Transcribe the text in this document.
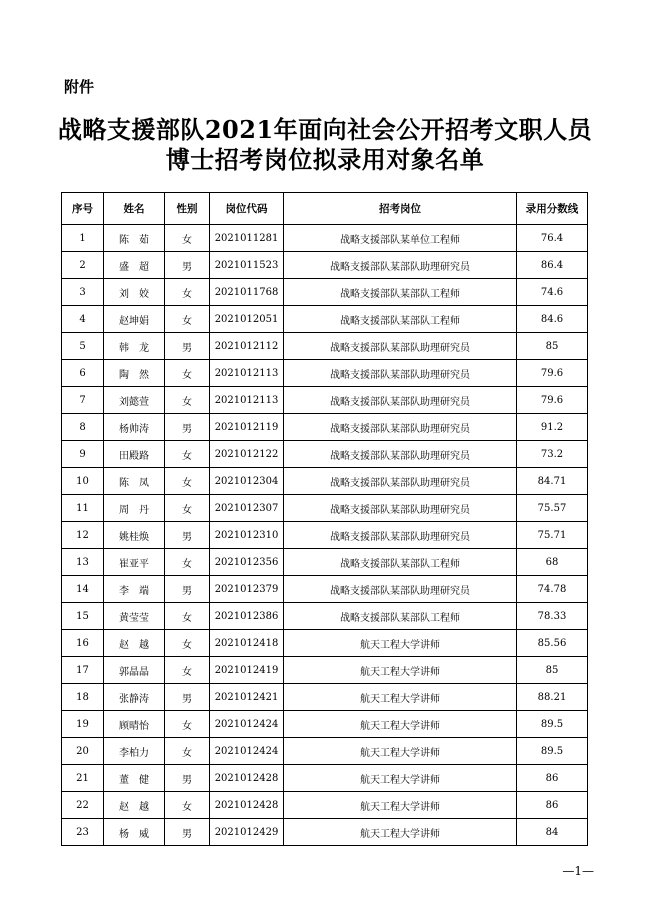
附件
战略支援部队2021年面向社会公开招考文职人员
博士招考岗位拟录用对象名单
序号	姓名	性别	岗位代码	招考岗位	录用分数线
1	陈　茹	女	2021011281	战略支援部队某单位工程师	76.4
2	盛　超	男	2021011523	战略支援部队某部队助理研究员	86.4
3	刘　姣	女	2021011768	战略支援部队某部队工程师	74.6
4	赵坤娟	女	2021012051	战略支援部队某部队工程师	84.6
5	韩　龙	男	2021012112	战略支援部队某部队助理研究员	85
6	陶　然	女	2021012113	战略支援部队某部队助理研究员	79.6
7	刘懿萱	女	2021012113	战略支援部队某部队助理研究员	79.6
8	杨帅涛	男	2021012119	战略支援部队某部队助理研究员	91.2
9	田殿路	女	2021012122	战略支援部队某部队助理研究员	73.2
10	陈　凤	女	2021012304	战略支援部队某部队助理研究员	84.71
11	周　丹	女	2021012307	战略支援部队某部队助理研究员	75.57
12	姚桂焕	男	2021012310	战略支援部队某部队助理研究员	75.71
13	崔亚平	女	2021012356	战略支援部队某部队工程师	68
14	李　端	男	2021012379	战略支援部队某部队助理研究员	74.78
15	黄莹莹	女	2021012386	战略支援部队某部队工程师	78.33
16	赵　越	女	2021012418	航天工程大学讲师	85.56
17	郭晶晶	女	2021012419	航天工程大学讲师	85
18	张静涛	男	2021012421	航天工程大学讲师	88.21
19	顾晴怡	女	2021012424	航天工程大学讲师	89.5
20	李柏力	女	2021012424	航天工程大学讲师	89.5
21	董　健	男	2021012428	航天工程大学讲师	86
22	赵　越	女	2021012428	航天工程大学讲师	86
23	杨　威	男	2021012429	航天工程大学讲师	84
—1—
